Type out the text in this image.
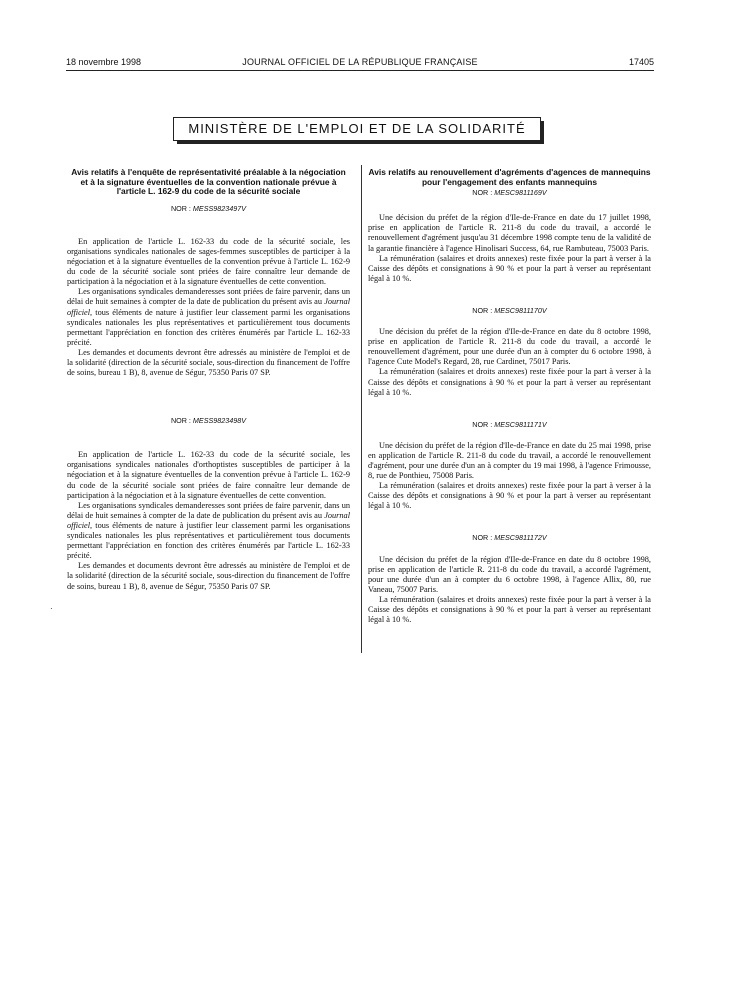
18 novembre 1998	JOURNAL OFFICIEL DE LA RÉPUBLIQUE FRANÇAISE	17405
MINISTÈRE DE L'EMPLOI ET DE LA SOLIDARITÉ

Avis relatifs à l'enquête de représentativité préalable à la négociation et à la signature éventuelles de la convention nationale prévue à l'article L. 162-9 du code de la sécurité sociale

NOR : MESS9823497V

En application de l'article L. 162-33 du code de la sécurité sociale, les organisations syndicales nationales de sages-femmes susceptibles de participer à la négociation et à la signature éventuelles de la convention prévue à l'article L. 162-9 du code de la sécurité sociale sont priées de faire connaître leur demande de participation à la négociation et à la signature éventuelles de cette convention.

Les organisations syndicales demanderesses sont priées de faire parvenir, dans un délai de huit semaines à compter de la date de publication du présent avis au Journal officiel, tous éléments de nature à justifier leur classement parmi les organisations syndicales nationales les plus représentatives et particulièrement tous documents permettant l'appréciation en fonction des critères énumérés par l'article L. 162-33 précité.

Les demandes et documents devront être adressés au ministère de l'emploi et de la solidarité (direction de la sécurité sociale, sous-direction du financement de l'offre de soins, bureau 1 B), 8, avenue de Ségur, 75350 Paris 07 SP.

NOR : MESS9823498V

En application de l'article L. 162-33 du code de la sécurité sociale, les organisations syndicales nationales d'orthoptistes susceptibles de participer à la négociation et à la signature éventuelles de la convention prévue à l'article L. 162-9 du code de la sécurité sociale sont priées de faire connaître leur demande de participation à la négociation et à la signature éventuelles de cette convention.

Les organisations syndicales demanderesses sont priées de faire parvenir, dans un délai de huit semaines à compter de la date de publication du présent avis au Journal officiel, tous éléments de nature à justifier leur classement parmi les organisations syndicales nationales les plus représentatives et particulièrement tous documents permettant l'appréciation en fonction des critères énumérés par l'article L. 162-33 précité.

Les demandes et documents devront être adressés au ministère de l'emploi et de la solidarité (direction de la sécurité sociale, sous-direction du financement de l'offre de soins, bureau 1 B), 8, avenue de Ségur, 75350 Paris 07 SP.

Avis relatifs au renouvellement d'agréments d'agences de mannequins pour l'engagement des enfants mannequins

NOR : MESC9811169V

Une décision du préfet de la région d'Ile-de-France en date du 17 juillet 1998, prise en application de l'article R. 211-8 du code du travail, a accordé le renouvellement d'agrément jusqu'au 31 décembre 1998 compte tenu de la validité de la garantie financière à l'agence Hinolisari Success, 64, rue Rambuteau, 75003 Paris.

La rémunération (salaires et droits annexes) reste fixée pour la part à verser à la Caisse des dépôts et consignations à 90 % et pour la part à verser au représentant légal à 10 %.

NOR : MESC9811170V

Une décision du préfet de la région d'Ile-de-France en date du 8 octobre 1998, prise en application de l'article R. 211-8 du code du travail, a accordé le renouvellement d'agrément, pour une durée d'un an à compter du 6 octobre 1998, à l'agence Cute Model's Regard, 28, rue Cardinet, 75017 Paris.

La rémunération (salaires et droits annexes) reste fixée pour la part à verser à la Caisse des dépôts et consignations à 90 % et pour la part à verser au représentant légal à 10 %.

NOR : MESC9811171V

Une décision du préfet de la région d'Ile-de-France en date du 25 mai 1998, prise en application de l'article R. 211-8 du code du travail, a accordé le renouvellement d'agrément, pour une durée d'un an à compter du 19 mai 1998, à l'agence Frimousse, 8, rue de Ponthieu, 75008 Paris.

La rémunération (salaires et droits annexes) reste fixée pour la part à verser à la Caisse des dépôts et consignations à 90 % et pour la part à verser au représentant légal à 10 %.

NOR : MESC9811172V

Une décision du préfet de la région d'Ile-de-France en date du 8 octobre 1998, prise en application de l'article R. 211-8 du code du travail, a accordé l'agrément, pour une durée d'un an à compter du 6 octobre 1998, à l'agence Allix, 80, rue Vaneau, 75007 Paris.

La rémunération (salaires et droits annexes) reste fixée pour la part à verser à la Caisse des dépôts et consignations à 90 % et pour la part à verser au représentant légal à 10 %.

·
